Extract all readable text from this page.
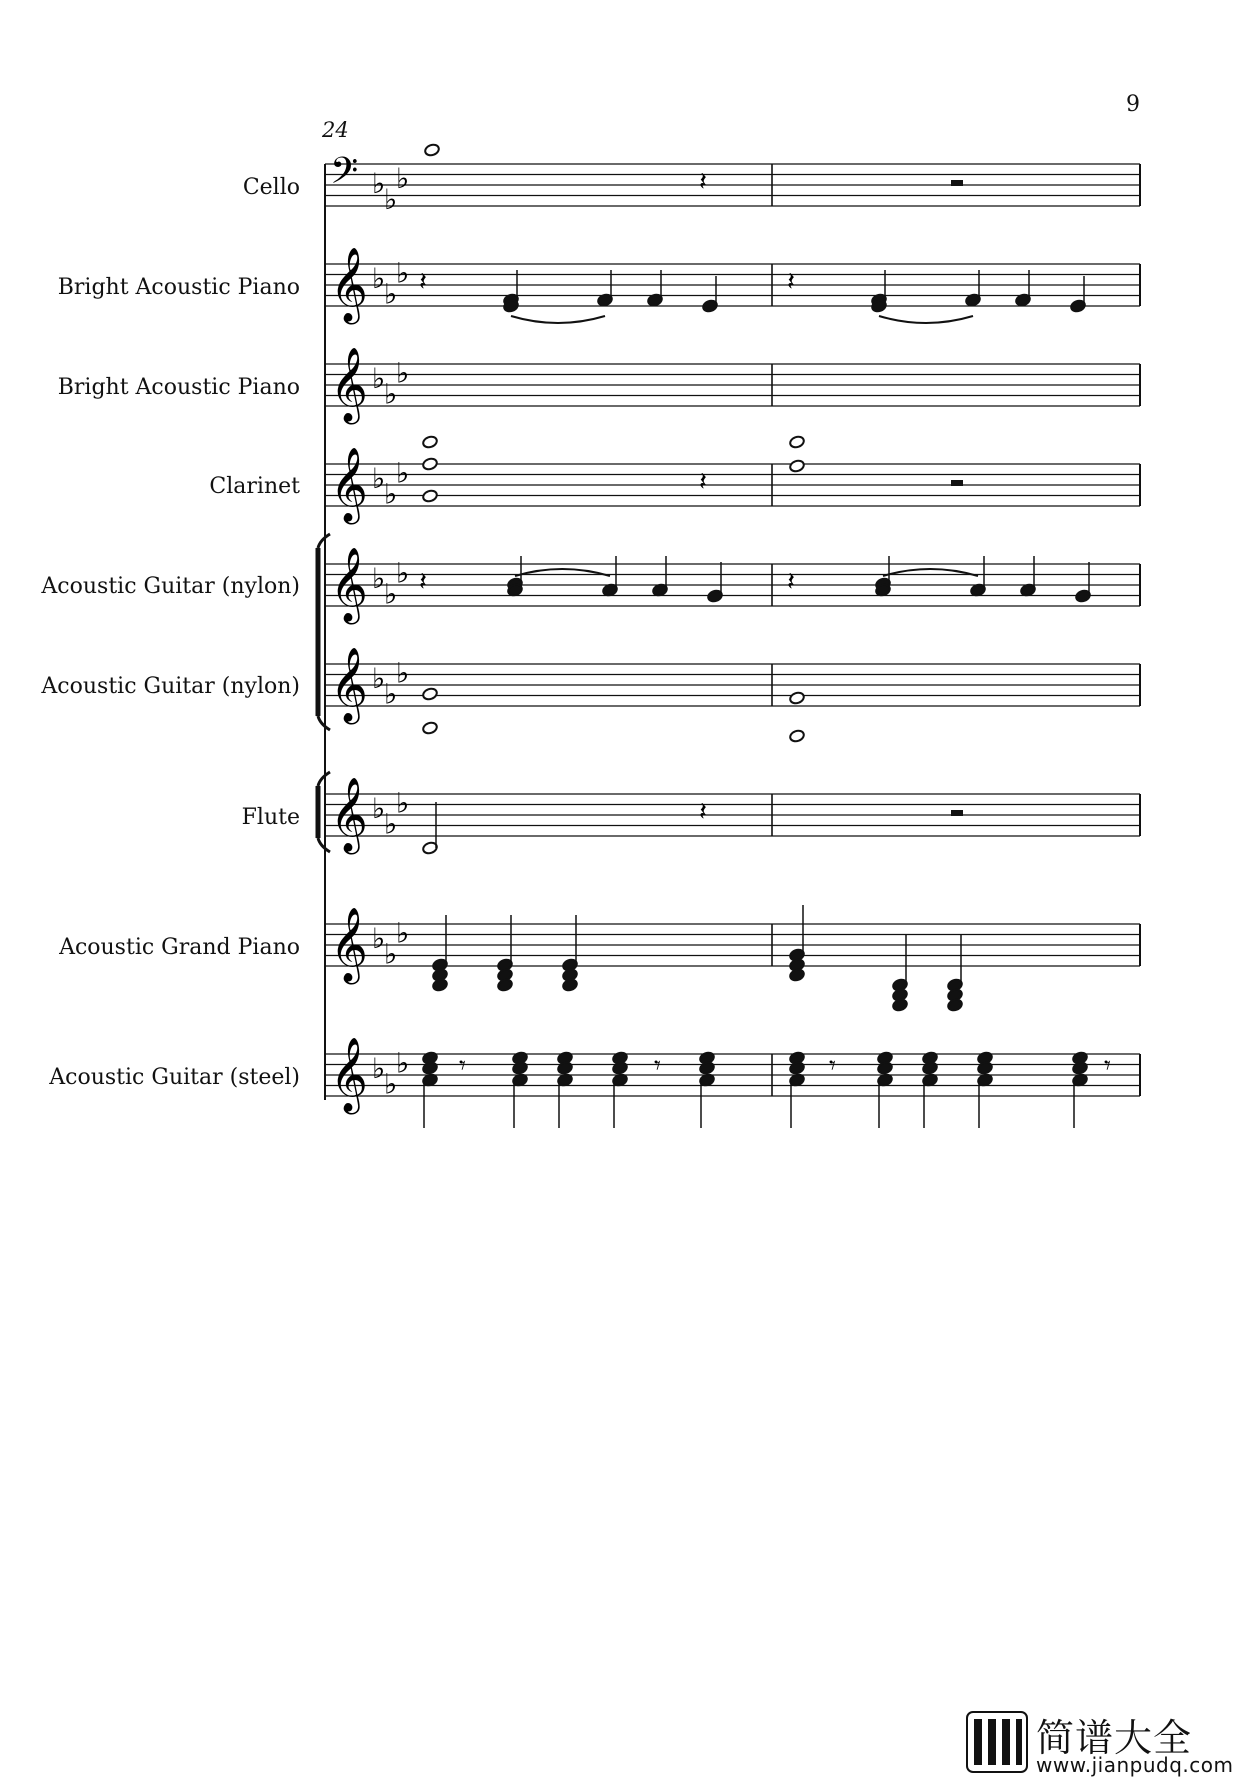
9
24
Cello
Bright Acoustic Piano
Bright Acoustic Piano
Clarinet
Acoustic Guitar (nylon)
Acoustic Guitar (nylon)
Flute
Acoustic Grand Piano
Acoustic Guitar (steel)
𝄢 ♭
♭
♭
𝄞 ♭
♭
♭
𝄞 ♭
♭
♭
𝄞 ♭
♭
♭
𝄞 ♭
♭
♭
𝄞 ♭
♭
♭
𝄞 ♭
♭
♭
𝄞 ♭
♭
♭
𝄞 ♭
♭
♭
𝄽
𝄽	𝄽
𝄽
𝄽	𝄽
𝄽
𝄾	𝄾	𝄾	𝄾
简谱大全
www.jianpudq.com
